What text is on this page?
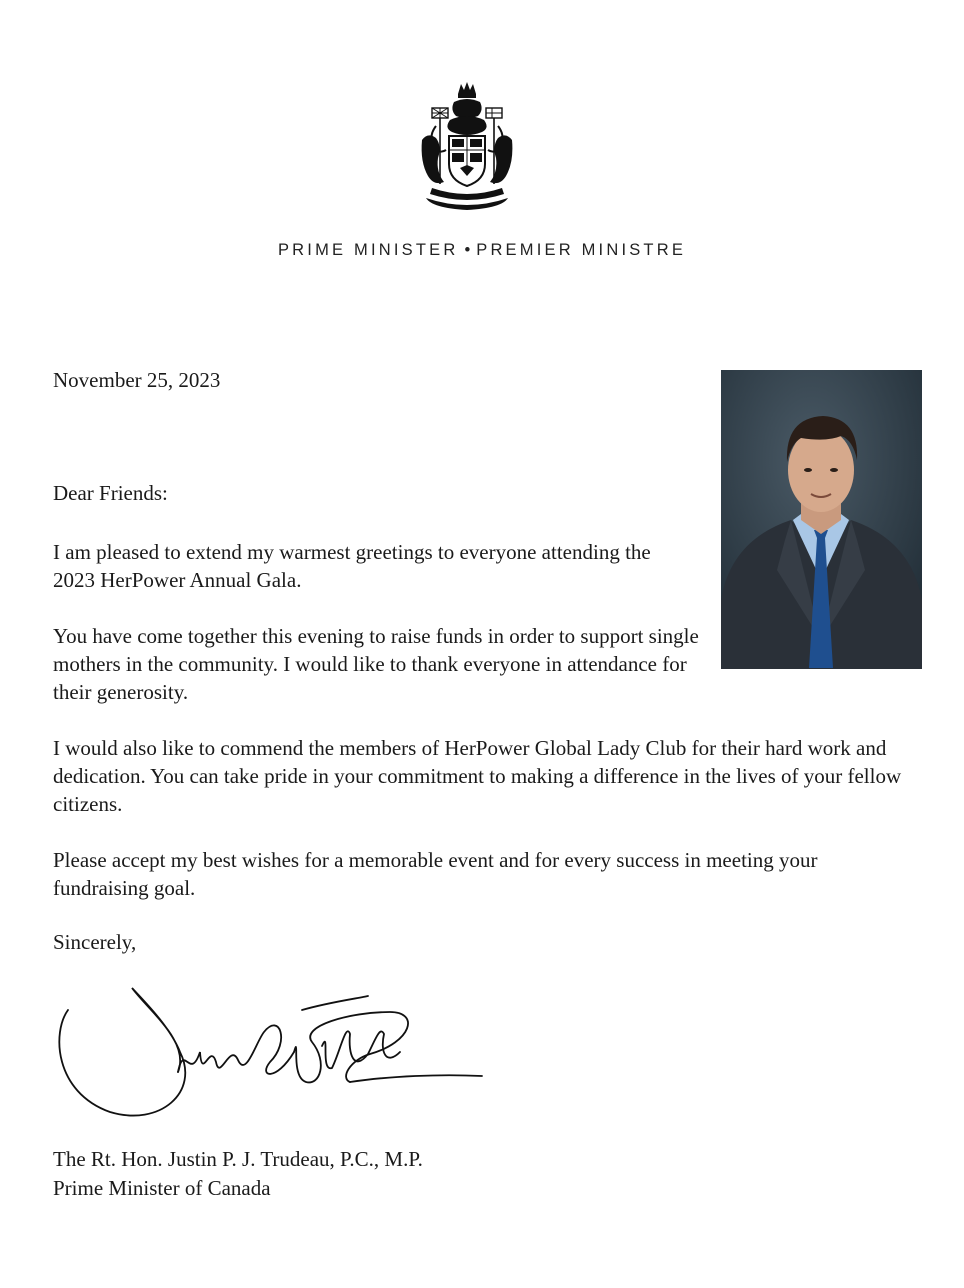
PRIME MINISTER • PREMIER MINISTRE
November 25, 2023
Dear Friends:

I am pleased to extend my warmest greetings to everyone attending the 2023 HerPower Annual Gala.

You have come together this evening to raise funds in order to support single mothers in the community. I would like to thank everyone in attendance for their generosity.

I would also like to commend the members of HerPower Global Lady Club for their hard work and dedication. You can take pride in your commitment to making a difference in the lives of your fellow citizens.

Please accept my best wishes for a memorable event and for every success in meeting your fundraising goal.

Sincerely,
The Rt. Hon. Justin P. J. Trudeau, P.C., M.P.
Prime Minister of Canada
